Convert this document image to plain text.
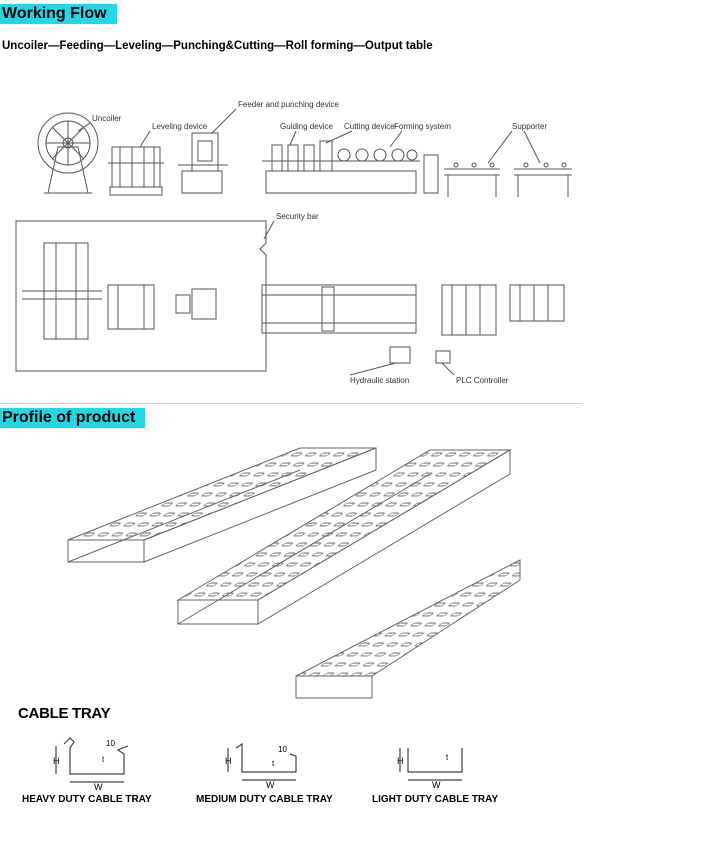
Working Flow
Uncoiler—Feeding—Leveling—Punching&Cutting—Roll forming—Output table
Uncoiler
Leveling device
Feeder and punching device
Guiding device Cutting device Forming system	Supporter
Security bar
Hydraulic station	PLC Controller
Profile of product
CABLE TRAY
H
W
10
t
HEAVY DUTY CABLE TRAY
H
W
10
t
MEDIUM DUTY CABLE TRAY
H
W
t
LIGHT DUTY CABLE TRAY
